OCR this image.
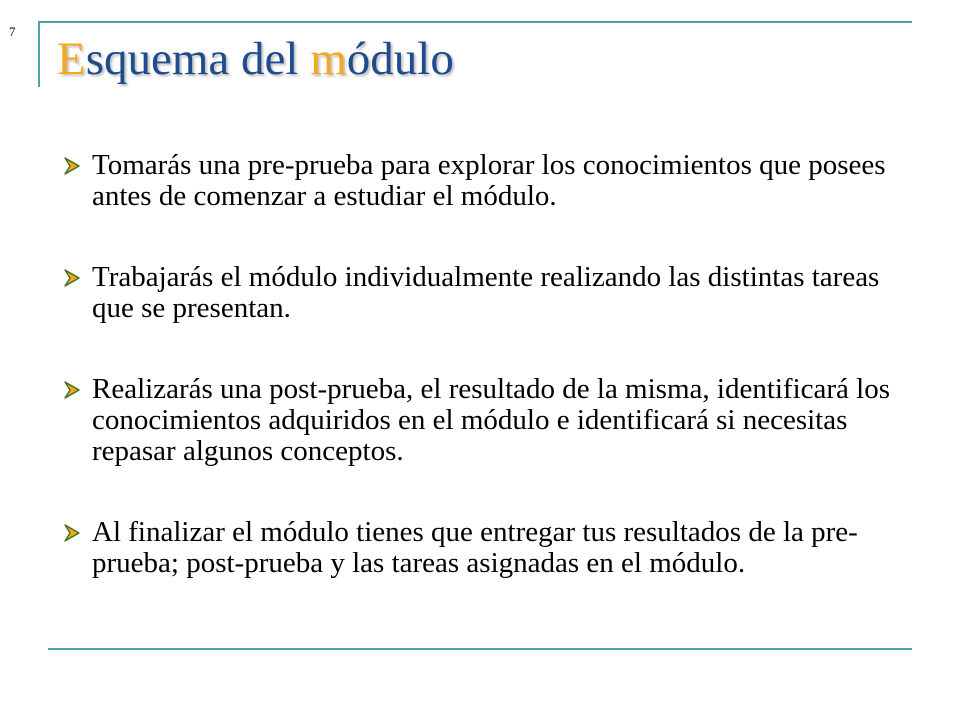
7
Esquema del módulo
Tomarás una pre-prueba para explorar los conocimientos que posees antes de comenzar a estudiar el módulo.
Trabajarás el módulo individualmente realizando las distintas tareas que se presentan.
Realizarás una post-prueba, el resultado de la misma, identificará los conocimientos adquiridos en el módulo e identificará si necesitas repasar algunos conceptos.
Al finalizar el módulo tienes que entregar tus resultados de la pre-prueba; post-prueba y las tareas asignadas en el módulo.
